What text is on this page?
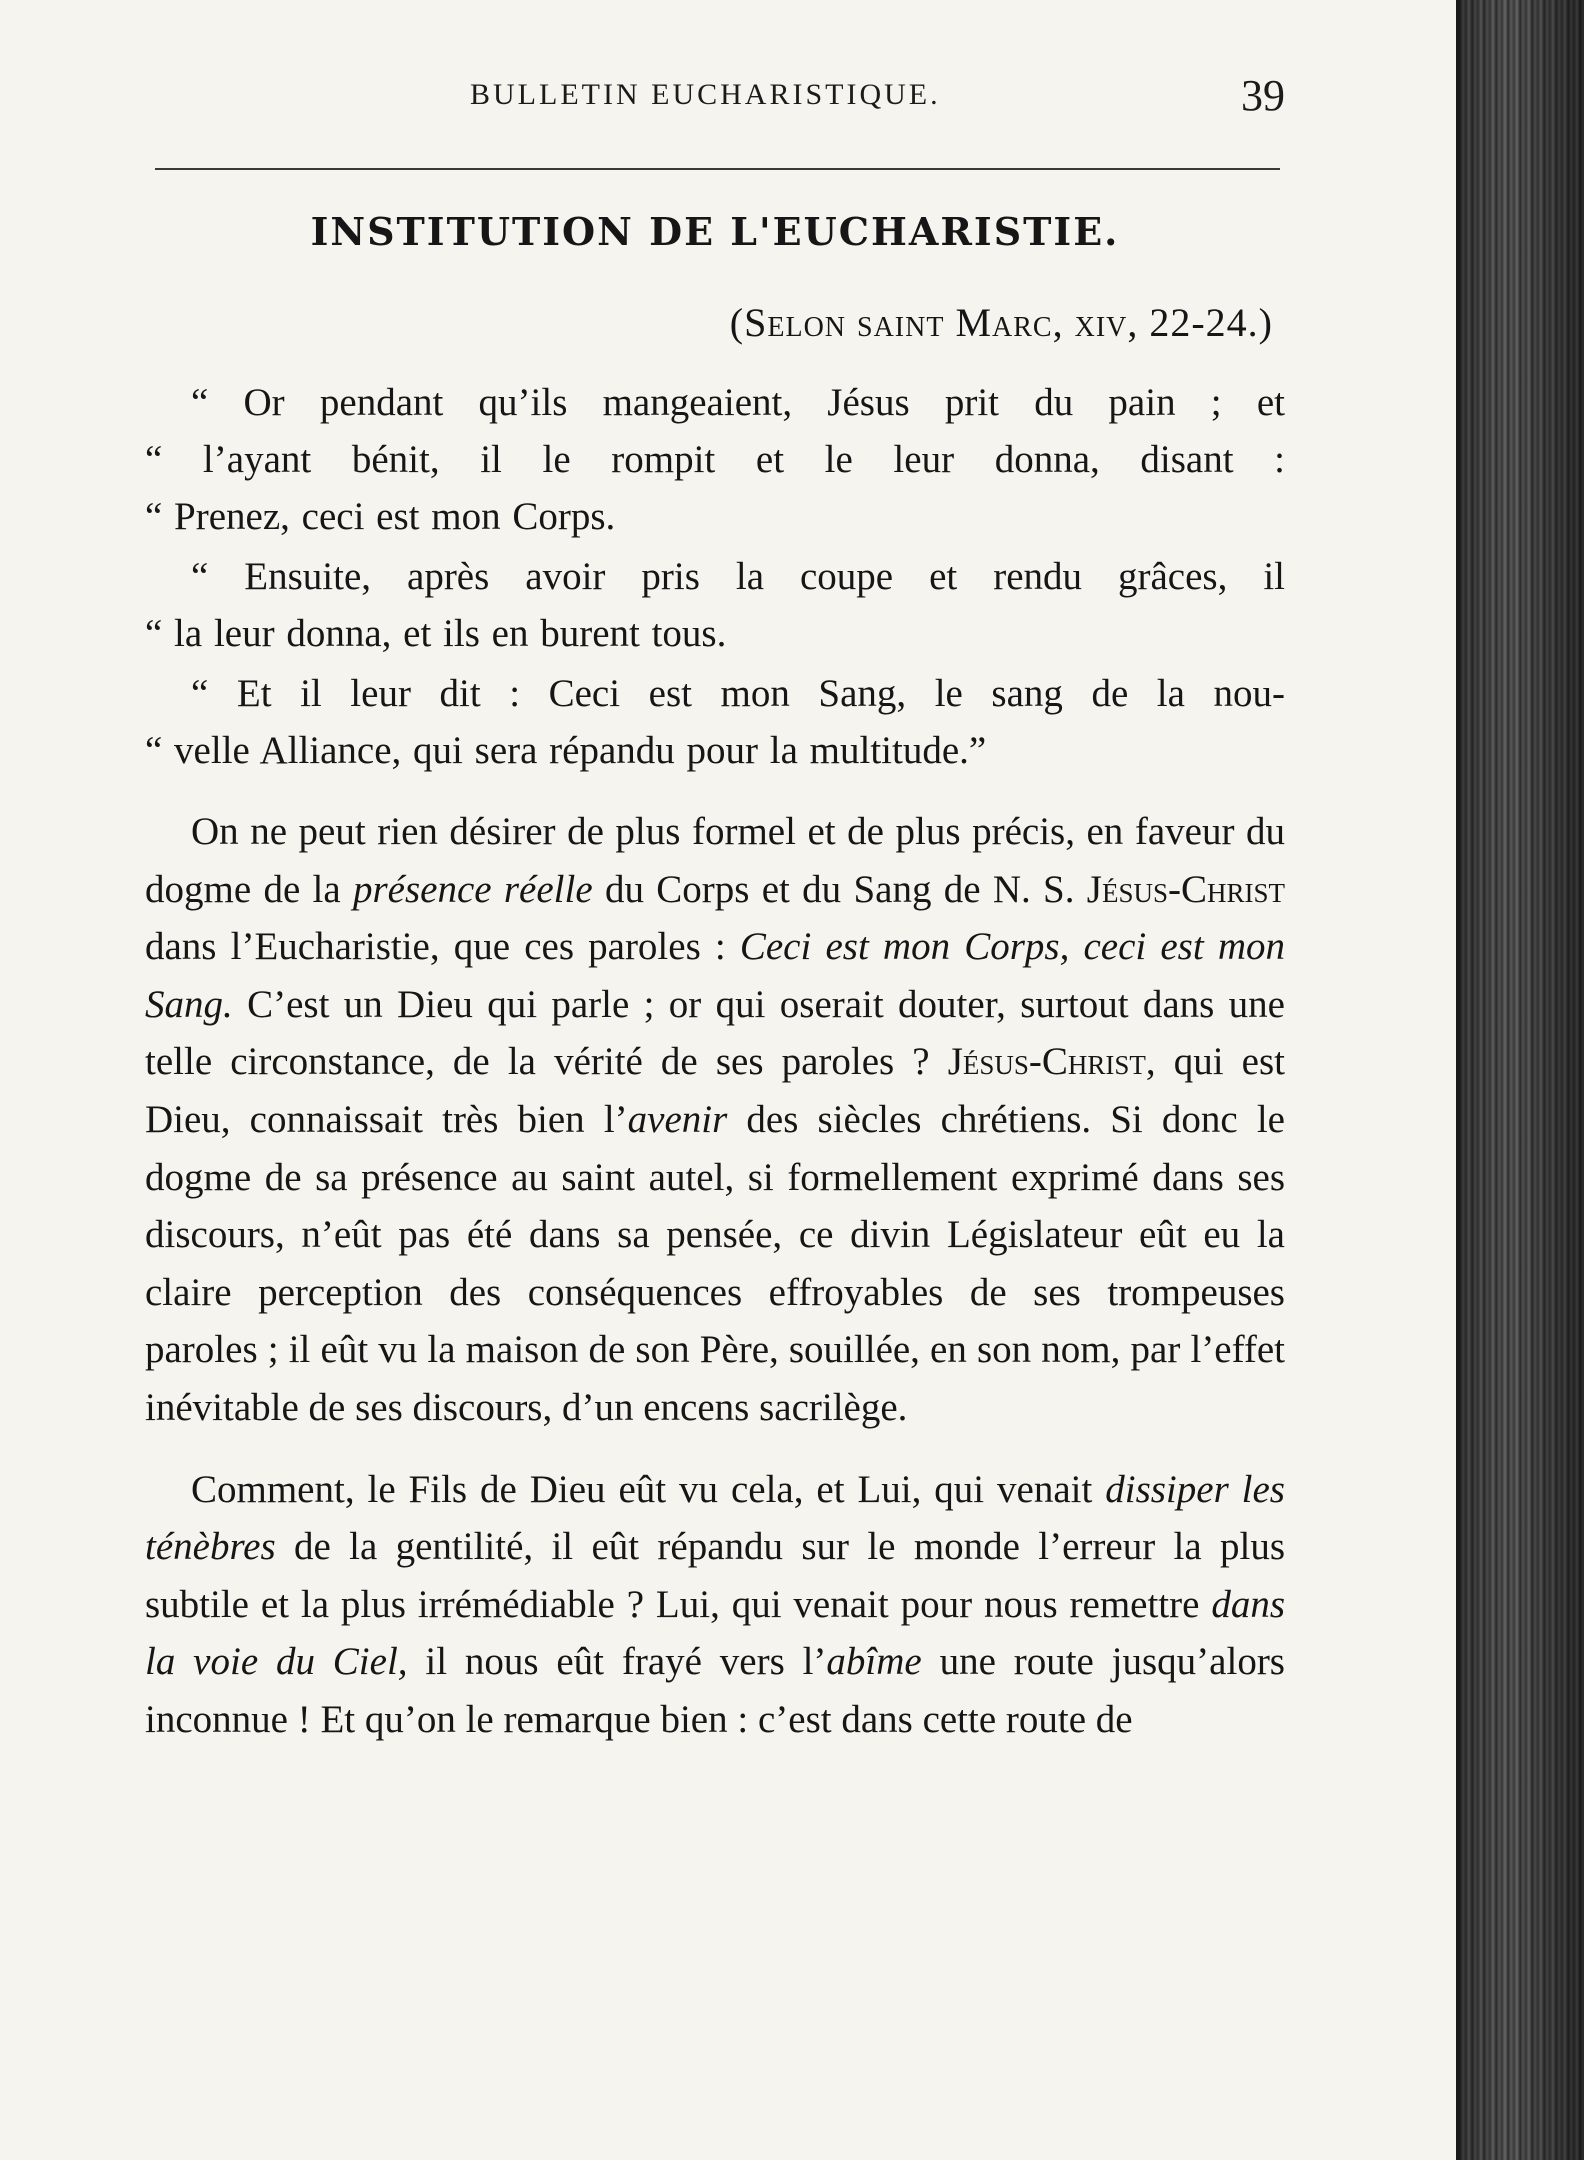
BULLETIN EUCHARISTIQUE.	39
INSTITUTION DE L'EUCHARISTIE.

(Selon saint Marc, xiv, 22-24.)

“ Or pendant qu’ils mangeaient, Jésus prit du pain ; et

“ l’ayant bénit, il le rompit et le leur donna, disant :

“ Prenez, ceci est mon Corps.

“ Ensuite, après avoir pris la coupe et rendu grâces, il

“ la leur donna, et ils en burent tous.

“ Et il leur dit : Ceci est mon Sang, le sang de la nou-

“ velle Alliance, qui sera répandu pour la multitude.”

On ne peut rien désirer de plus formel et de plus précis, en faveur du dogme de la présence réelle du Corps et du Sang de N. S. Jésus-Christ dans l’Eucharistie, que ces paroles : Ceci est mon Corps, ceci est mon Sang. C’est un Dieu qui parle ; or qui oserait douter, surtout dans une telle circonstance, de la vérité de ses paroles ? Jésus-Christ, qui est Dieu, connaissait très bien l’avenir des siècles chrétiens. Si donc le dogme de sa présence au saint autel, si formellement exprimé dans ses discours, n’eût pas été dans sa pensée, ce divin Législateur eût eu la claire perception des conséquences effroyables de ses trompeuses paroles ; il eût vu la maison de son Père, souillée, en son nom, par l’effet inévitable de ses discours, d’un encens sacrilège.

Comment, le Fils de Dieu eût vu cela, et Lui, qui venait dissiper les ténèbres de la gentilité, il eût répandu sur le monde l’erreur la plus subtile et la plus irrémédiable ? Lui, qui venait pour nous remettre dans la voie du Ciel, il nous eût frayé vers l’abîme une route jusqu’alors inconnue ! Et qu’on le remarque bien : c’est dans cette route de
